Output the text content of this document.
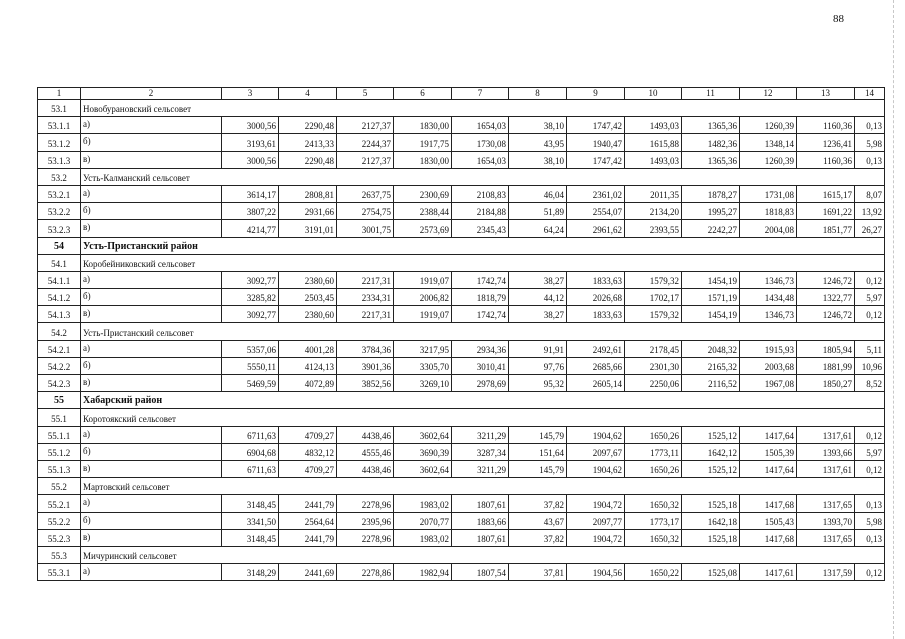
88
1	2	3	4	5	6	7	8	9	10	11	12	13	14
53.1	Новобурановский сельсовет												
53.1.1	а)	3000,56	2290,48	2127,37	1830,00	1654,03	38,10	1747,42	1493,03	1365,36	1260,39	1160,36	0,13
53.1.2	б)	3193,61	2413,33	2244,37	1917,75	1730,08	43,95	1940,47	1615,88	1482,36	1348,14	1236,41	5,98
53.1.3	в)	3000,56	2290,48	2127,37	1830,00	1654,03	38,10	1747,42	1493,03	1365,36	1260,39	1160,36	0,13
53.2	Усть-Калманский сельсовет												
53.2.1	а)	3614,17	2808,81	2637,75	2300,69	2108,83	46,04	2361,02	2011,35	1878,27	1731,08	1615,17	8,07
53.2.2	б)	3807,22	2931,66	2754,75	2388,44	2184,88	51,89	2554,07	2134,20	1995,27	1818,83	1691,22	13,92
53.2.3	в)	4214,77	3191,01	3001,75	2573,69	2345,43	64,24	2961,62	2393,55	2242,27	2004,08	1851,77	26,27
54	Усть-Пристанский район												
54.1	Коробейниковский сельсовет												
54.1.1	а)	3092,77	2380,60	2217,31	1919,07	1742,74	38,27	1833,63	1579,32	1454,19	1346,73	1246,72	0,12
54.1.2	б)	3285,82	2503,45	2334,31	2006,82	1818,79	44,12	2026,68	1702,17	1571,19	1434,48	1322,77	5,97
54.1.3	в)	3092,77	2380,60	2217,31	1919,07	1742,74	38,27	1833,63	1579,32	1454,19	1346,73	1246,72	0,12
54.2	Усть-Пристанский сельсовет												
54.2.1	а)	5357,06	4001,28	3784,36	3217,95	2934,36	91,91	2492,61	2178,45	2048,32	1915,93	1805,94	5,11
54.2.2	б)	5550,11	4124,13	3901,36	3305,70	3010,41	97,76	2685,66	2301,30	2165,32	2003,68	1881,99	10,96
54.2.3	в)	5469,59	4072,89	3852,56	3269,10	2978,69	95,32	2605,14	2250,06	2116,52	1967,08	1850,27	8,52
55	Хабарский район												
55.1	Коротоякский сельсовет												
55.1.1	а)	6711,63	4709,27	4438,46	3602,64	3211,29	145,79	1904,62	1650,26	1525,12	1417,64	1317,61	0,12
55.1.2	б)	6904,68	4832,12	4555,46	3690,39	3287,34	151,64	2097,67	1773,11	1642,12	1505,39	1393,66	5,97
55.1.3	в)	6711,63	4709,27	4438,46	3602,64	3211,29	145,79	1904,62	1650,26	1525,12	1417,64	1317,61	0,12
55.2	Мартовский сельсовет												
55.2.1	а)	3148,45	2441,79	2278,96	1983,02	1807,61	37,82	1904,72	1650,32	1525,18	1417,68	1317,65	0,13
55.2.2	б)	3341,50	2564,64	2395,96	2070,77	1883,66	43,67	2097,77	1773,17	1642,18	1505,43	1393,70	5,98
55.2.3	в)	3148,45	2441,79	2278,96	1983,02	1807,61	37,82	1904,72	1650,32	1525,18	1417,68	1317,65	0,13
55.3	Мичуринский сельсовет												
55.3.1	а)	3148,29	2441,69	2278,86	1982,94	1807,54	37,81	1904,56	1650,22	1525,08	1417,61	1317,59	0,12
